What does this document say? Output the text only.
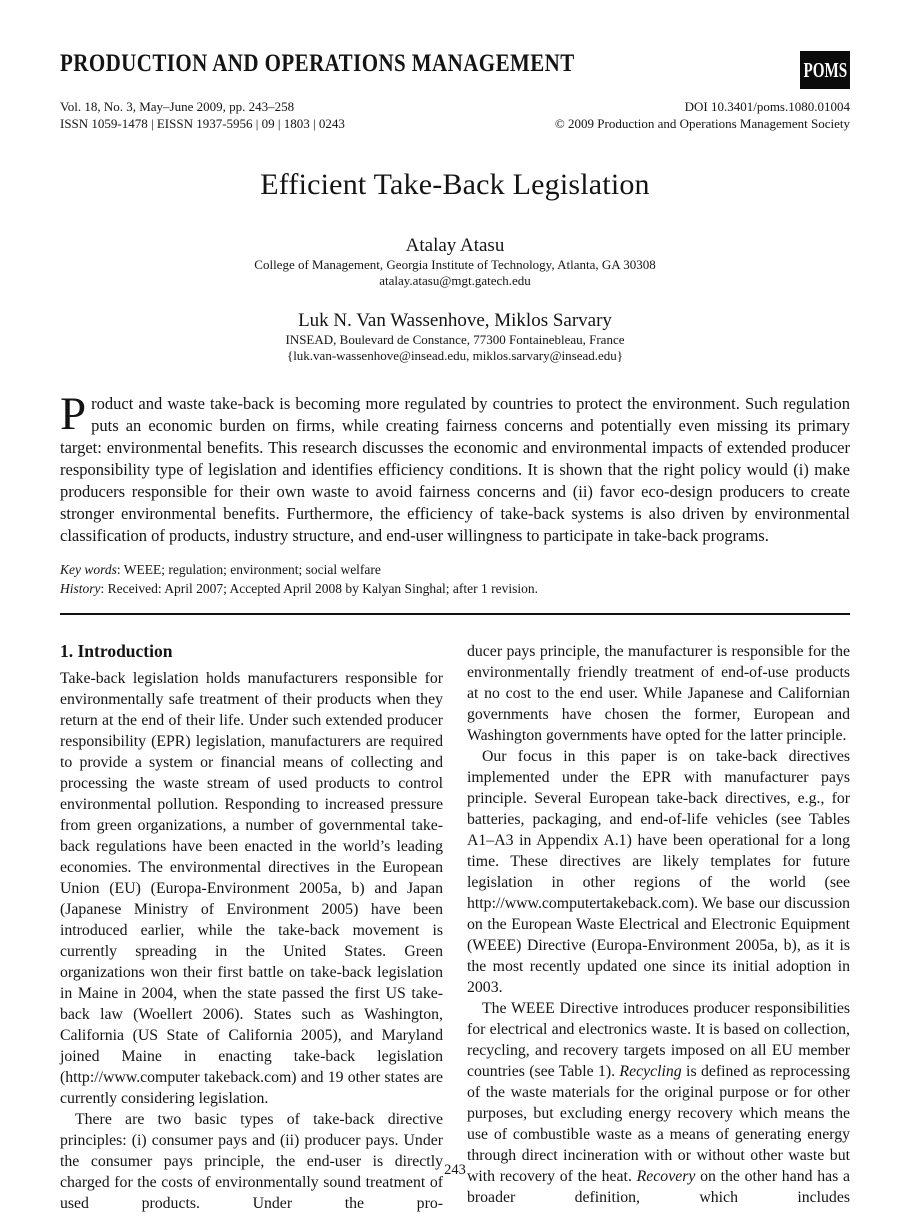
PRODUCTION AND OPERATIONS MANAGEMENT	POMS
Vol. 18, No. 3, May–June 2009, pp. 243–258
ISSN 1059-1478 | EISSN 1937-5956 | 09 | 1803 | 0243
DOI 10.3401/poms.1080.01004
© 2009 Production and Operations Management Society
Efficient Take-Back Legislation
Atalay Atasu
College of Management, Georgia Institute of Technology, Atlanta, GA 30308
atalay.atasu@mgt.gatech.edu
Luk N. Van Wassenhove, Miklos Sarvary
INSEAD, Boulevard de Constance, 77300 Fontainebleau, France
{luk.van-wassenhove@insead.edu, miklos.sarvary@insead.edu}
Product and waste take-back is becoming more regulated by countries to protect the environment. Such regulation puts an economic burden on firms, while creating fairness concerns and potentially even missing its primary target: environmental benefits. This research discusses the economic and environmental impacts of extended producer responsibility type of legislation and identifies efficiency conditions. It is shown that the right policy would (i) make producers responsible for their own waste to avoid fairness concerns and (ii) favor eco-design producers to create stronger environmental benefits. Furthermore, the efficiency of take-back systems is also driven by environmental classification of products, industry structure, and end-user willingness to participate in take-back programs.
Key words: WEEE; regulation; environment; social welfare
History: Received: April 2007; Accepted April 2008 by Kalyan Singhal; after 1 revision.
1. Introduction

Take-back legislation holds manufacturers responsible for environmentally safe treatment of their products when they return at the end of their life. Under such extended producer responsibility (EPR) legislation, manufacturers are required to provide a system or financial means of collecting and processing the waste stream of used products to control environmental pollution. Responding to increased pressure from green organizations, a number of governmental take-back regulations have been enacted in the world’s leading economies. The environmental directives in the European Union (EU) (Europa-Environment 2005a, b) and Japan (Japanese Ministry of Environment 2005) have been introduced earlier, while the take-back movement is currently spreading in the United States. Green organizations won their first battle on take-back legislation in Maine in 2004, when the state passed the first US take-back law (Woellert 2006). States such as Washington, California (US State of California 2005), and Maryland joined Maine in enacting take-back legislation (http://www.computer takeback.com) and 19 other states are currently considering legislation.

There are two basic types of take-back directive principles: (i) consumer pays and (ii) producer pays. Under the consumer pays principle, the end-user is directly charged for the costs of environmentally sound treatment of used products. Under the pro-

ducer pays principle, the manufacturer is responsible for the environmentally friendly treatment of end-of-use products at no cost to the end user. While Japanese and Californian governments have chosen the former, European and Washington governments have opted for the latter principle.

Our focus in this paper is on take-back directives implemented under the EPR with manufacturer pays principle. Several European take-back directives, e.g., for batteries, packaging, and end-of-life vehicles (see Tables A1–A3 in Appendix A.1) have been operational for a long time. These directives are likely templates for future legislation in other regions of the world (see http://www.computertakeback.com). We base our discussion on the European Waste Electrical and Electronic Equipment (WEEE) Directive (Europa-Environment 2005a, b), as it is the most recently updated one since its initial adoption in 2003.

The WEEE Directive introduces producer responsibilities for electrical and electronics waste. It is based on collection, recycling, and recovery targets imposed on all EU member countries (see Table 1). Recycling is defined as reprocessing of the waste materials for the original purpose or for other purposes, but excluding energy recovery which means the use of combustible waste as a means of generating energy through direct incineration with or without other waste but with recovery of the heat. Recovery on the other hand has a broader definition, which includes

243
